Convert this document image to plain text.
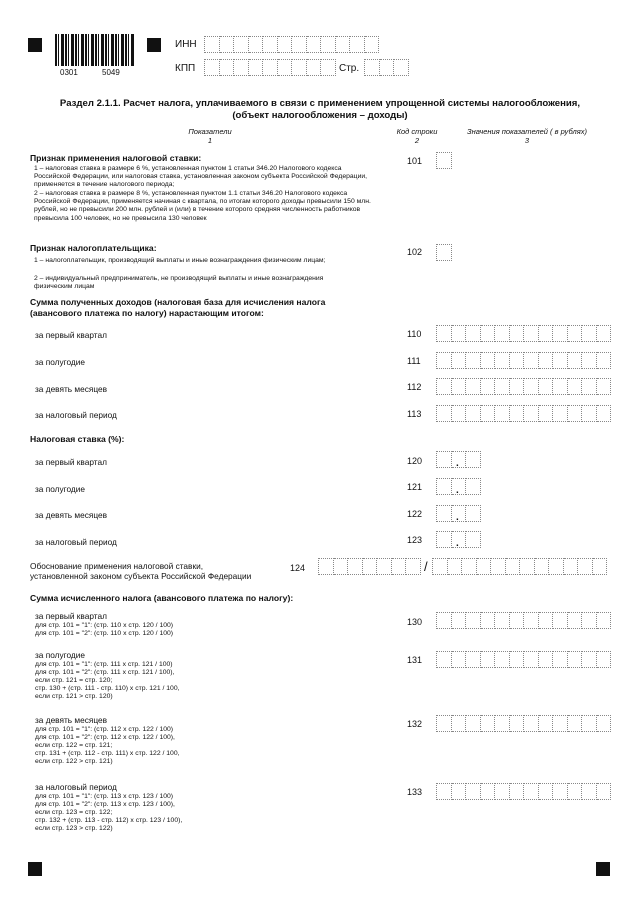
0301	5049
ИНН
КПП	Стр.
Раздел 2.1.1. Расчет налога, уплачиваемого в связи с применением упрощенной системы налогообложения,
(объект налогообложения – доходы)
Показатели
1
Код строки
2
Значения показателей ( в рублях)
3
Признак применения налоговой ставки:
1 – налоговая ставка в размере 6 %, установленная пунктом 1 статьи 346.20 Налогового кодекса Российской Федерации, или налоговая ставка, установленная законом субъекта Российской Федерации, применяется в течение налогового периода;
2 – налоговая ставка в размере 8 %, установленная пунктом 1.1 статьи 346.20 Налогового кодекса Российской Федерации, применяется начиная с квартала, по итогам которого доходы превысили 150 млн. рублей, но не превысили 200 млн. рублей и (или) в течение которого средняя численность работников превысила 100 человек, но не превысила 130 человек
101
Признак налогоплательщика:
1 – налогоплательщик, производящий выплаты и иные вознаграждения физическим лицам;
2 – индивидуальный предприниматель, не производящий выплаты и иные вознаграждения физическим лицам
102
Сумма полученных доходов (налоговая база для исчисления налога (авансового платежа по налогу) нарастающим итогом:
за первый квартал	110
за полугодие	111
за девять месяцев	112
за налоговый период	113
Налоговая ставка (%):
за первый квартал	120	.
за полугодие	121	.
за девять месяцев	122	.
за налоговый период	123	.
Обоснование применения налоговой ставки,
установленной законом субъекта Российской Федерации
124	/
Сумма исчисленного налога (авансового платежа по налогу):
за первый квартал
для стр. 101 = "1": (стр. 110 х стр. 120 / 100)
для стр. 101 = "2": (стр. 110 х стр. 120 / 100)
130
за полугодие
для стр. 101 = "1": (стр. 111 х стр. 121 / 100)
для стр. 101 = "2": (стр. 111 х стр. 121 / 100),
если стр. 121 = стр. 120;
стр. 130 + (стр. 111 - стр. 110) х стр. 121 / 100,
если стр. 121 > стр. 120)
131
за девять месяцев
для стр. 101 = "1": (стр. 112 х стр. 122 / 100)
для стр. 101 = "2": (стр. 112 х стр. 122 / 100),
если стр. 122 = стр. 121;
стр. 131 + (стр. 112 - стр. 111) х стр. 122 / 100,
если стр. 122 > стр. 121)
132
за налоговый период
для стр. 101 = "1": (стр. 113 х стр. 123 / 100)
для стр. 101 = "2": (стр. 113 х стр. 123 / 100),
если стр. 123 = стр. 122;
стр. 132 + (стр. 113 - стр. 112) х стр. 123 / 100),
если стр. 123 > стр. 122)
133
